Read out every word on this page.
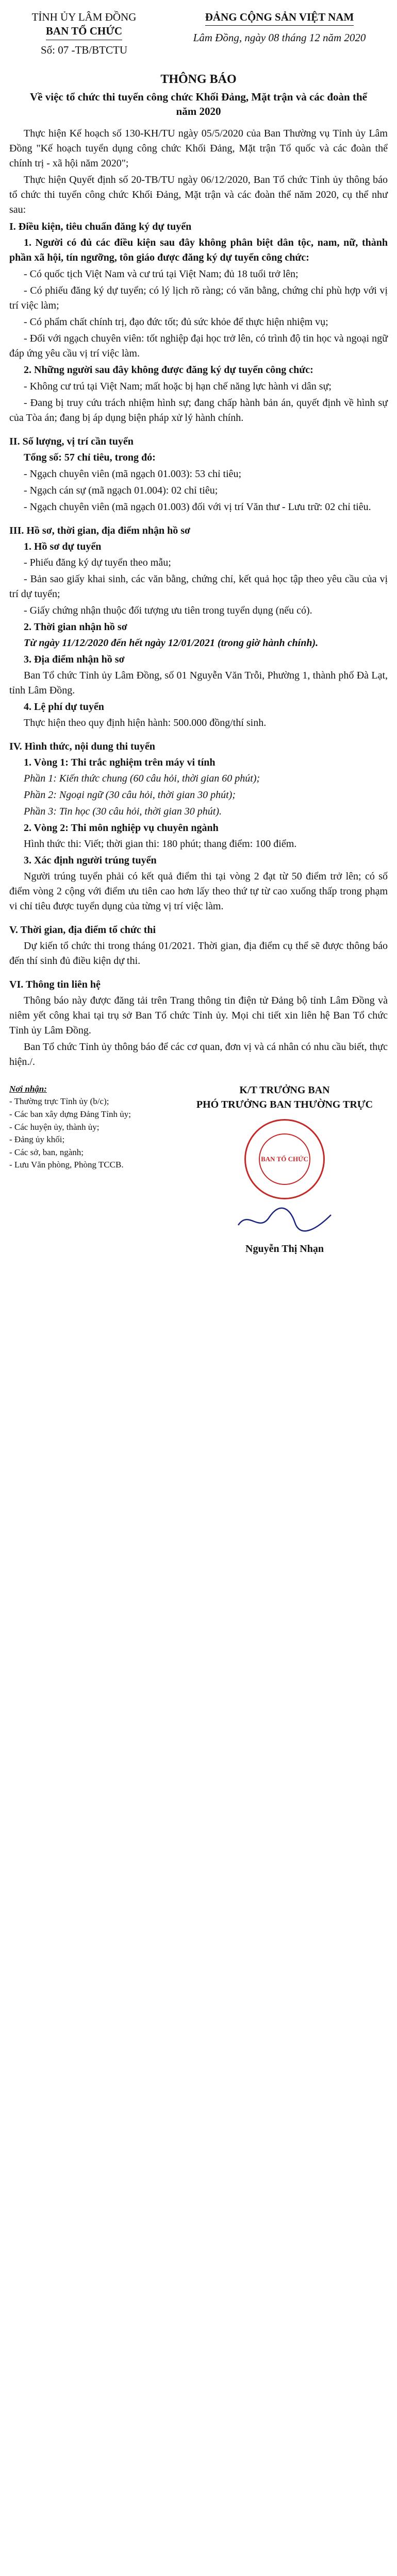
TỈNH ỦY LÂM ĐỒNG
BAN TỔ CHỨC
Số: 07 -TB/BTCTU
ĐẢNG CỘNG SẢN VIỆT NAM
Lâm Đồng, ngày 08 tháng 12 năm 2020
THÔNG BÁO
Về việc tổ chức thi tuyển công chức Khối Đảng, Mặt trận và các đoàn thể năm 2020

Thực hiện Kế hoạch số 130-KH/TU ngày 05/5/2020 của Ban Thường vụ Tỉnh ủy Lâm Đồng "Kế hoạch tuyển dụng công chức Khối Đảng, Mặt trận Tổ quốc và các đoàn thể chính trị - xã hội năm 2020";

Thực hiện Quyết định số 20-TB/TU ngày 06/12/2020, Ban Tổ chức Tỉnh ủy thông báo tổ chức thi tuyển công chức Khối Đảng, Mặt trận và các đoàn thể năm 2020, cụ thể như sau:

I. Điều kiện, tiêu chuẩn đăng ký dự tuyển

1. Người có đủ các điều kiện sau đây không phân biệt dân tộc, nam, nữ, thành phần xã hội, tín ngưỡng, tôn giáo được đăng ký dự tuyển công chức:

- Có quốc tịch Việt Nam và cư trú tại Việt Nam; đủ 18 tuổi trở lên;

- Có phiếu đăng ký dự tuyển; có lý lịch rõ ràng; có văn bằng, chứng chỉ phù hợp với vị trí việc làm;

- Có phẩm chất chính trị, đạo đức tốt; đủ sức khỏe để thực hiện nhiệm vụ;

- Đối với ngạch chuyên viên: tốt nghiệp đại học trở lên, có trình độ tin học và ngoại ngữ đáp ứng yêu cầu vị trí việc làm.

2. Những người sau đây không được đăng ký dự tuyển công chức:

- Không cư trú tại Việt Nam; mất hoặc bị hạn chế năng lực hành vi dân sự;

- Đang bị truy cứu trách nhiệm hình sự; đang chấp hành bản án, quyết định về hình sự của Tòa án; đang bị áp dụng biện pháp xử lý hành chính.

II. Số lượng, vị trí cần tuyển

Tổng số: 57 chỉ tiêu, trong đó:

- Ngạch chuyên viên (mã ngạch 01.003): 53 chỉ tiêu;

- Ngạch cán sự (mã ngạch 01.004): 02 chỉ tiêu;

- Ngạch chuyên viên (mã ngạch 01.003) đối với vị trí Văn thư - Lưu trữ: 02 chỉ tiêu.

III. Hồ sơ, thời gian, địa điểm nhận hồ sơ
1. Hồ sơ dự tuyển

- Phiếu đăng ký dự tuyển theo mẫu;

- Bản sao giấy khai sinh, các văn bằng, chứng chỉ, kết quả học tập theo yêu cầu của vị trí dự tuyển;

- Giấy chứng nhận thuộc đối tượng ưu tiên trong tuyển dụng (nếu có).

2. Thời gian nhận hồ sơ

Từ ngày 11/12/2020 đến hết ngày 12/01/2021 (trong giờ hành chính).

3. Địa điểm nhận hồ sơ

Ban Tổ chức Tỉnh ủy Lâm Đồng, số 01 Nguyễn Văn Trỗi, Phường 1, thành phố Đà Lạt, tỉnh Lâm Đồng.

4. Lệ phí dự tuyển

Thực hiện theo quy định hiện hành: 500.000 đồng/thí sinh.

IV. Hình thức, nội dung thi tuyển
1. Vòng 1: Thi trắc nghiệm trên máy vi tính

Phần 1: Kiến thức chung (60 câu hỏi, thời gian 60 phút);

Phần 2: Ngoại ngữ (30 câu hỏi, thời gian 30 phút);

Phần 3: Tin học (30 câu hỏi, thời gian 30 phút).

2. Vòng 2: Thi môn nghiệp vụ chuyên ngành

Hình thức thi: Viết; thời gian thi: 180 phút; thang điểm: 100 điểm.

3. Xác định người trúng tuyển

Người trúng tuyển phải có kết quả điểm thi tại vòng 2 đạt từ 50 điểm trở lên; có số điểm vòng 2 cộng với điểm ưu tiên cao hơn lấy theo thứ tự từ cao xuống thấp trong phạm vi chỉ tiêu được tuyển dụng của từng vị trí việc làm.

V. Thời gian, địa điểm tổ chức thi

Dự kiến tổ chức thi trong tháng 01/2021. Thời gian, địa điểm cụ thể sẽ được thông báo đến thí sinh đủ điều kiện dự thi.

VI. Thông tin liên hệ

Thông báo này được đăng tải trên Trang thông tin điện tử Đảng bộ tỉnh Lâm Đồng và niêm yết công khai tại trụ sở Ban Tổ chức Tỉnh ủy. Mọi chi tiết xin liên hệ Ban Tổ chức Tỉnh ủy Lâm Đồng.

Ban Tổ chức Tỉnh ủy thông báo để các cơ quan, đơn vị và cá nhân có nhu cầu biết, thực hiện./.

Nơi nhận:
- Thường trực Tỉnh ủy (b/c);
- Các ban xây dựng Đảng Tỉnh ủy;
- Các huyện ủy, thành ủy;
- Đảng ủy khối;
- Các sở, ban, ngành;
- Lưu Văn phòng, Phòng TCCB.
K/T TRƯỞNG BAN
PHÓ TRƯỞNG BAN THƯỜNG TRỰC
BAN TỔ CHỨC
Nguyễn Thị Nhạn
